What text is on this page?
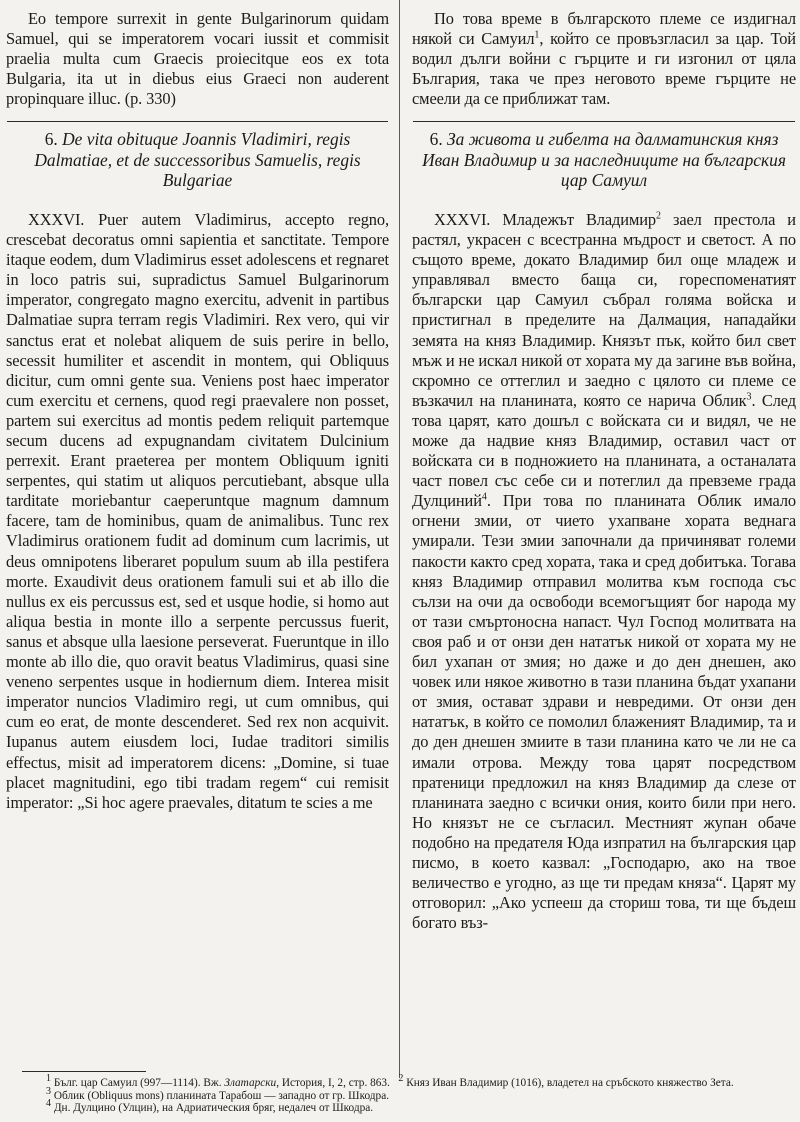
Eo tempore surrexit in gente Bulgarinorum quidam Samuel, qui se imperatorem vocari iussit et commisit praelia multa cum Graecis proiecitque eos ex tota Bulgaria, ita ut in diebus eius Graeci non auderent propinquare illuc. (p. 330)

6. De vita obituque Joannis Vladimiri, regis Dalmatiae, et de successoribus Samuelis, regis Bulgariae

XXXVI. Puer autem Vladimirus, accepto regno, crescebat decoratus omni sapientia et sanctitate. Tempore itaque eodem, dum Vladimirus esset adolescens et regnaret in loco patris sui, supradictus Samuel Bulgarinorum imperator, congregato magno exercitu, advenit in partibus Dalmatiae supra terram regis Vladimiri. Rex vero, qui vir sanctus erat et nolebat aliquem de suis perire in bello, secessit humiliter et ascendit in montem, qui Obliquus dicitur, cum omni gente sua. Veniens post haec imperator cum exercitu et cernens, quod regi praevalere non posset, partem sui exercitus ad montis pedem reliquit partemque secum ducens ad expugnandam civitatem Dulcinium perrexit. Erant praeterea per montem Obliquum igniti serpentes, qui statim ut aliquos percutiebant, absque ulla tarditate moriebantur caeperuntque magnum damnum facere, tam de hominibus, quam de animalibus. Tunc rex Vladimirus orationem fudit ad dominum cum lacrimis, ut deus omnipotens liberaret populum suum ab illa pestifera morte. Exaudivit deus orationem famuli sui et ab illo die nullus ex eis percussus est, sed et usque hodie, si homo aut aliqua bestia in monte illo a serpente percussus fuerit, sanus et absque ulla laesione perseverat. Fueruntque in illo monte ab illo die, quo oravit beatus Vladimirus, quasi sine veneno serpentes usque in hodiernum diem. Interea misit imperator nuncios Vladimiro regi, ut cum omnibus, qui cum eo erat, de monte descenderet. Sed rex non acquivit. Iupanus autem eiusdem loci, Iudae traditori similis effectus, misit ad imperatorem dicens: „Domine, si tuae placet magnitudini, ego tibi tradam regem“ cui remisit imperator: „Si hoc agere praevales, ditatum te scies a me

По това време в българското племе се издигнал някой си Самуил$^1$, който се провъзгласил за цар. Той водил дълги войни с гърците и ги изгонил от цяла България, така че през неговото време гърците не смеели да се приближат там.

6. За живота и гибелта на далматинския княз Иван Владимир и за наследниците на българския цар Самуил

XXXVI. Младежът Владимир$^2$ заел престола и растял, украсен с всестранна мъдрост и светост. А по същото време, докато Владимир бил още младеж и управлявал вместо баща си, гореспоменатият български цар Самуил събрал голяма войска и пристигнал в пределите на Далмация, нападайки земята на княз Владимир. Князът пък, който бил свет мъж и не искал никой от хората му да загине във война, скромно се оттеглил и заедно с цялото си племе се възкачил на планината, която се нарича Облик$^3$. След това царят, като дошъл с войската си и видял, че не може да надвие княз Владимир, оставил част от войската си в подножието на планината, а останалата част повел със себе си и потеглил да превземе града Дулциний$^4$. При това по планината Облик имало огнени змии, от чието ухапване хората веднага умирали. Тези змии започнали да причиняват големи пакости както сред хората, така и сред добитъка. Тогава княз Владимир отправил молитва към господа със сълзи на очи да освободи всемогъщият бог народа му от тази смъртоносна напаст. Чул Господ молитвата на своя раб и от онзи ден нататък никой от хората му не бил ухапан от змия; но даже и до ден днешен, ако човек или някое животно в тази планина бъдат ухапани от змия, остават здрави и невредими. От онзи ден нататък, в който се помолил блаженият Владимир, та и до ден днешен змиите в тази планина като че ли не са имали отрова. Между това царят посредством пратеници предложил на княз Владимир да слезе от планината заедно с всички ония, които били при него. Но князът не се съгласил. Местният жупан обаче подобно на предателя Юда изпратил на българския цар писмо, в което казвал: „Господарю, ако на твое величество е угодно, аз ще ти предам княза“. Царят му отговорил: „Ако успееш да сториш това, ти ще бъдеш богато въз-

$^1$ Бълг. цар Самуил (997—1114). Вж. Златарски, История, I, 2, стр. 863. $^2$ Княз Иван Владимир (1016), владетел на сръбското княжество Зета.

$^3$ Облик (Obliquus mons) планината Тарабош — западно от гр. Шкодра.

$^4$ Дн. Дулцино (Улцин), на Адриатическия бряг, недалеч от Шкодра.
